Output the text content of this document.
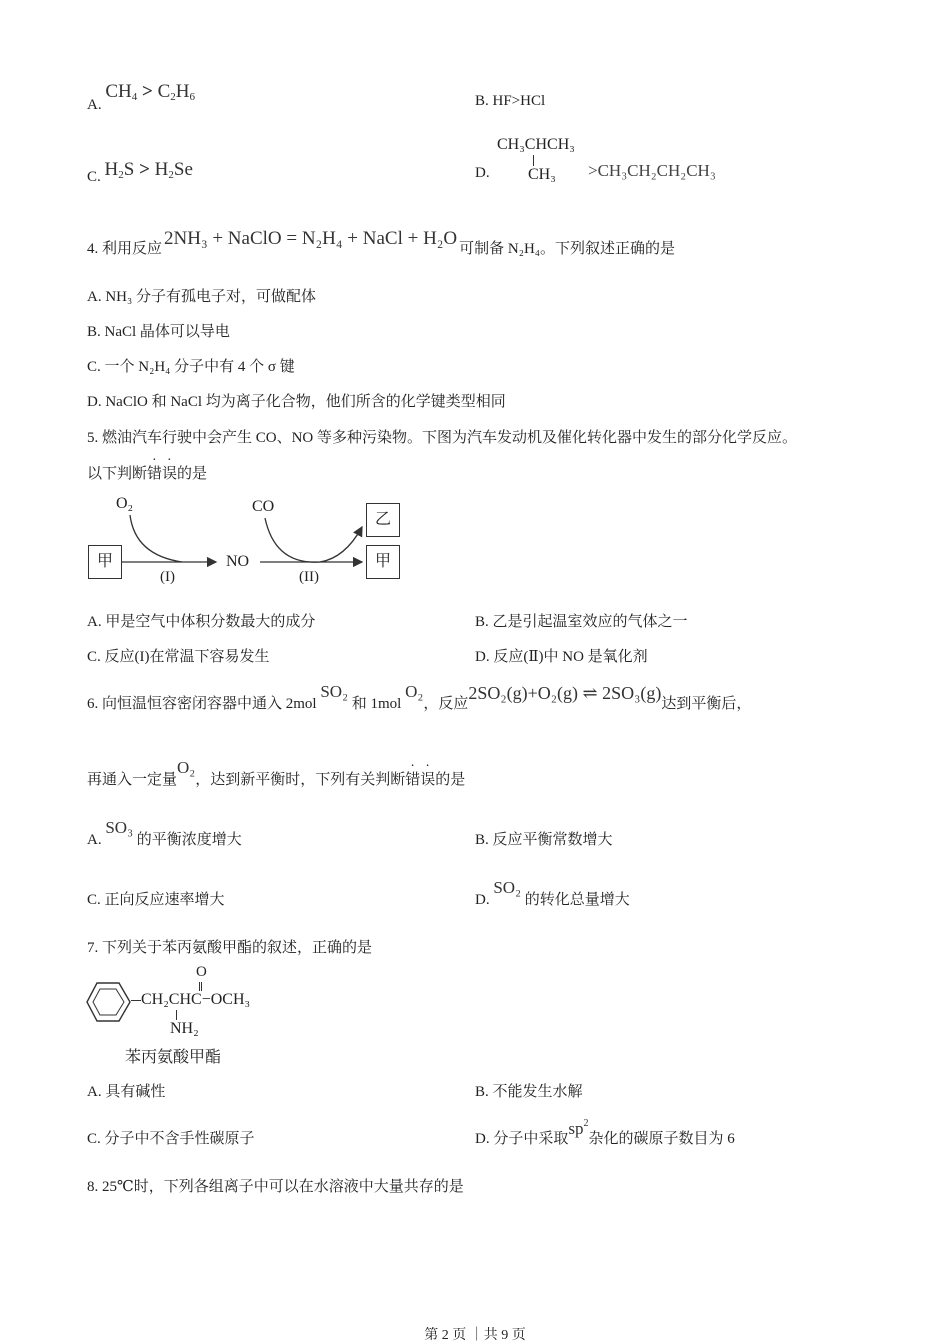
A. $CH_4 > C_2H_6$	B. HF>HCl
C. $H_2S > H_2Se$	D.
CH₃CHCH₃
CH₃ >CH₃CH₂CH₂CH₃
4. 利用反应 2NH₃ + NaClO = N₂H₄ + NaCl + H₂O 可制备 N₂H₄。下列叙述正确的是
A. NH₃ 分子有孤电子对，可做配体
B. NaCl 晶体可以导电
C. 一个 N₂H₄ 分子中有 4 个 σ 键
D. NaClO 和 NaCl 均为离子化合物，他们所含的化学键类型相同
5. 燃油汽车行驶中会产生 CO、NO 等多种污染物。下图为汽车发动机及催化转化器中发生的部分化学反应。
以下判断错误的是
甲	甲
乙
O₂	CO
NO
(I)	(II)
A. 甲是空气中体积分数最大的成分	B. 乙是引起温室效应的气体之一
C. 反应(I)在常温下容易发生	D. 反应(Ⅱ)中 NO 是氧化剂
6. 向恒温恒容密闭容器中通入 2mol SO₂ 和 1mol O₂，反应2SO₂(g)+O₂(g) ⇌ 2SO₃(g)达到平衡后，
再通入一定量O₂，达到新平衡时，下列有关判断错误的是
A. SO₃ 的平衡浓度增大	B. 反应平衡常数增大
C. 正向反应速率增大	D. SO₂ 的转化总量增大
7. 下列关于苯丙氨酸甲酯的叙述，正确的是
CH₂CHC−OCH₃
O
NH₂
苯丙氨酸甲酯
A. 具有碱性	B. 不能发生水解
C. 分子中不含手性碳原子	D. 分子中采取$sp^2$杂化的碳原子数目为 6
8. 25℃时，下列各组离子中可以在水溶液中大量共存的是
第 2 页 ｜共 9 页
